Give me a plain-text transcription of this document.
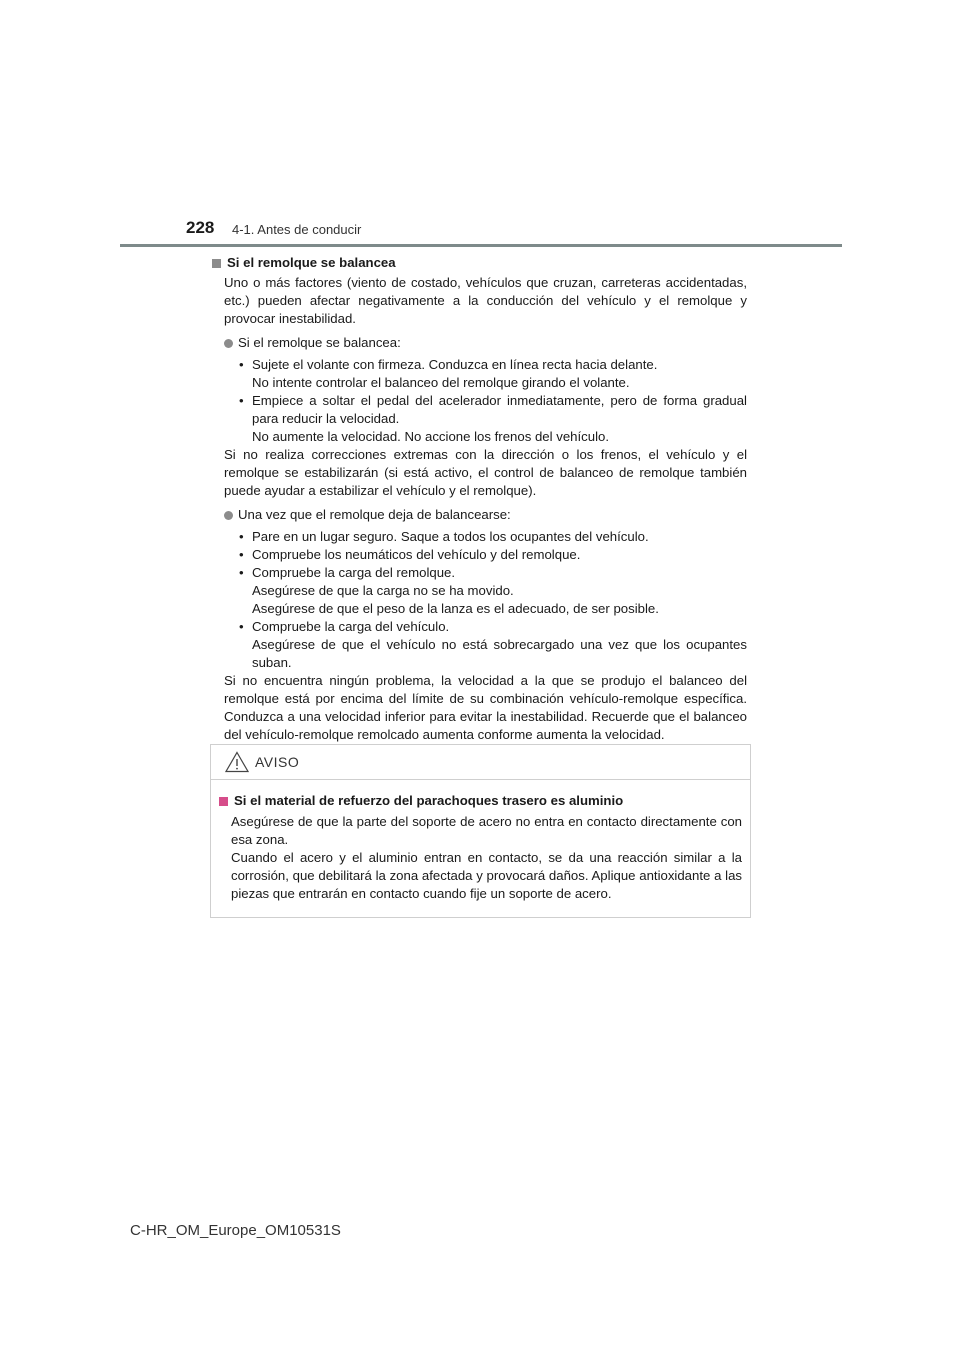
228 4-1. Antes de conducir
Si el remolque se balancea

Uno o más factores (viento de costado, vehículos que cruzan, carreteras accidentadas, etc.) pueden afectar negativamente a la conducción del vehículo y el remolque y provocar inestabilidad.

Si el remolque se balancea:
• Sujete el volante con firmeza. Conduzca en línea recta hacia delante.
No intente controlar el balanceo del remolque girando el volante.
• Empiece a soltar el pedal del acelerador inmediatamente, pero de forma gradual para reducir la velocidad.
No aumente la velocidad. No accione los frenos del vehículo.

Si no realiza correcciones extremas con la dirección o los frenos, el vehículo y el remolque se estabilizarán (si está activo, el control de balanceo de remolque también puede ayudar a estabilizar el vehículo y el remolque).

Una vez que el remolque deja de balancearse:
• Pare en un lugar seguro. Saque a todos los ocupantes del vehículo.
• Compruebe los neumáticos del vehículo y del remolque.
• Compruebe la carga del remolque.
Asegúrese de que la carga no se ha movido.
Asegúrese de que el peso de la lanza es el adecuado, de ser posible.
• Compruebe la carga del vehículo.
Asegúrese de que el vehículo no está sobrecargado una vez que los ocupantes suban.

Si no encuentra ningún problema, la velocidad a la que se produjo el balanceo del remolque está por encima del límite de su combinación vehículo-remolque específica. Conduzca a una velocidad inferior para evitar la inestabilidad. Recuerde que el balanceo del vehículo-remolque remolcado aumenta conforme aumenta la velocidad.

AVISO
Si el material de refuerzo del parachoques trasero es aluminio

Asegúrese de que la parte del soporte de acero no entra en contacto directamente con esa zona.

Cuando el acero y el aluminio entran en contacto, se da una reacción similar a la corrosión, que debilitará la zona afectada y provocará daños. Aplique antioxidante a las piezas que entrarán en contacto cuando fije un soporte de acero.

C-HR_OM_Europe_OM10531S
